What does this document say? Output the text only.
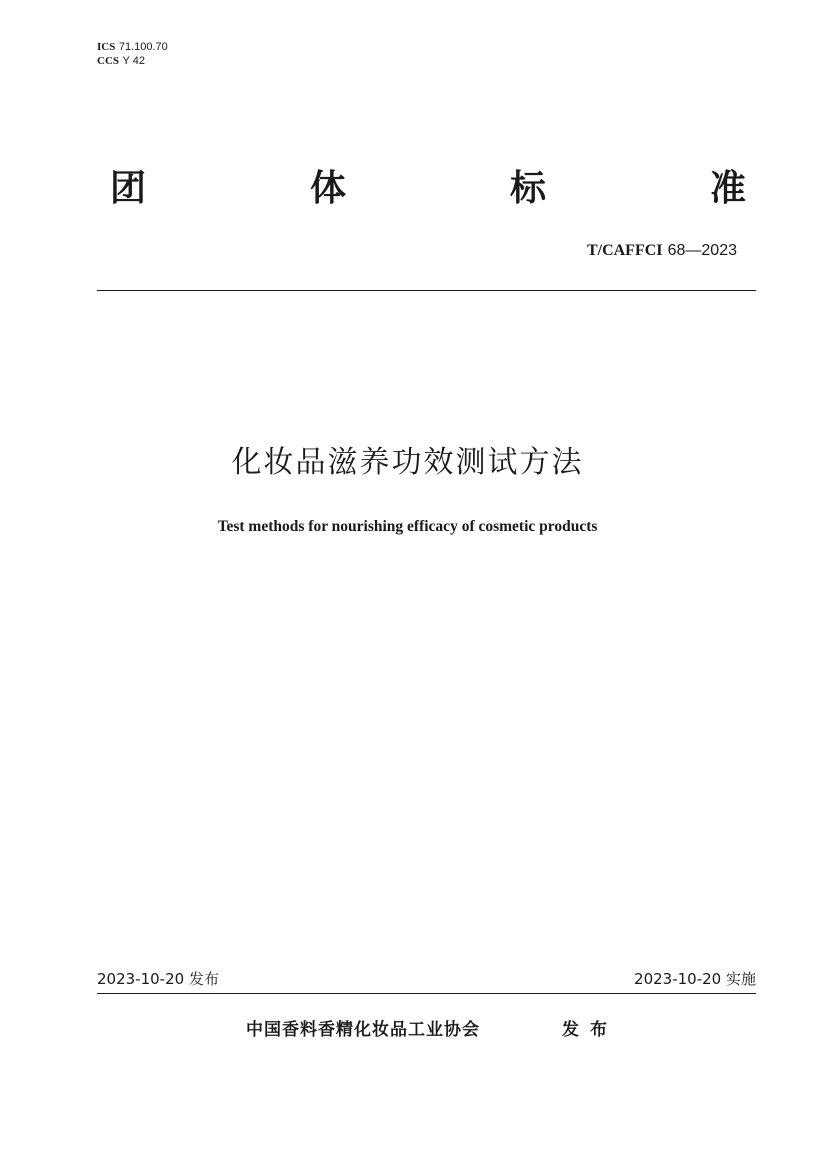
ICS 71.100.70
CCS Y 42
团	体	标	准
T/CAFFCI 68—2023
化妆品滋养功效测试方法
Test methods for nourishing efficacy of cosmetic products
2023-10-20 发布	2023-10-20 实施
中国香料香精化妆品工业协会	发布
